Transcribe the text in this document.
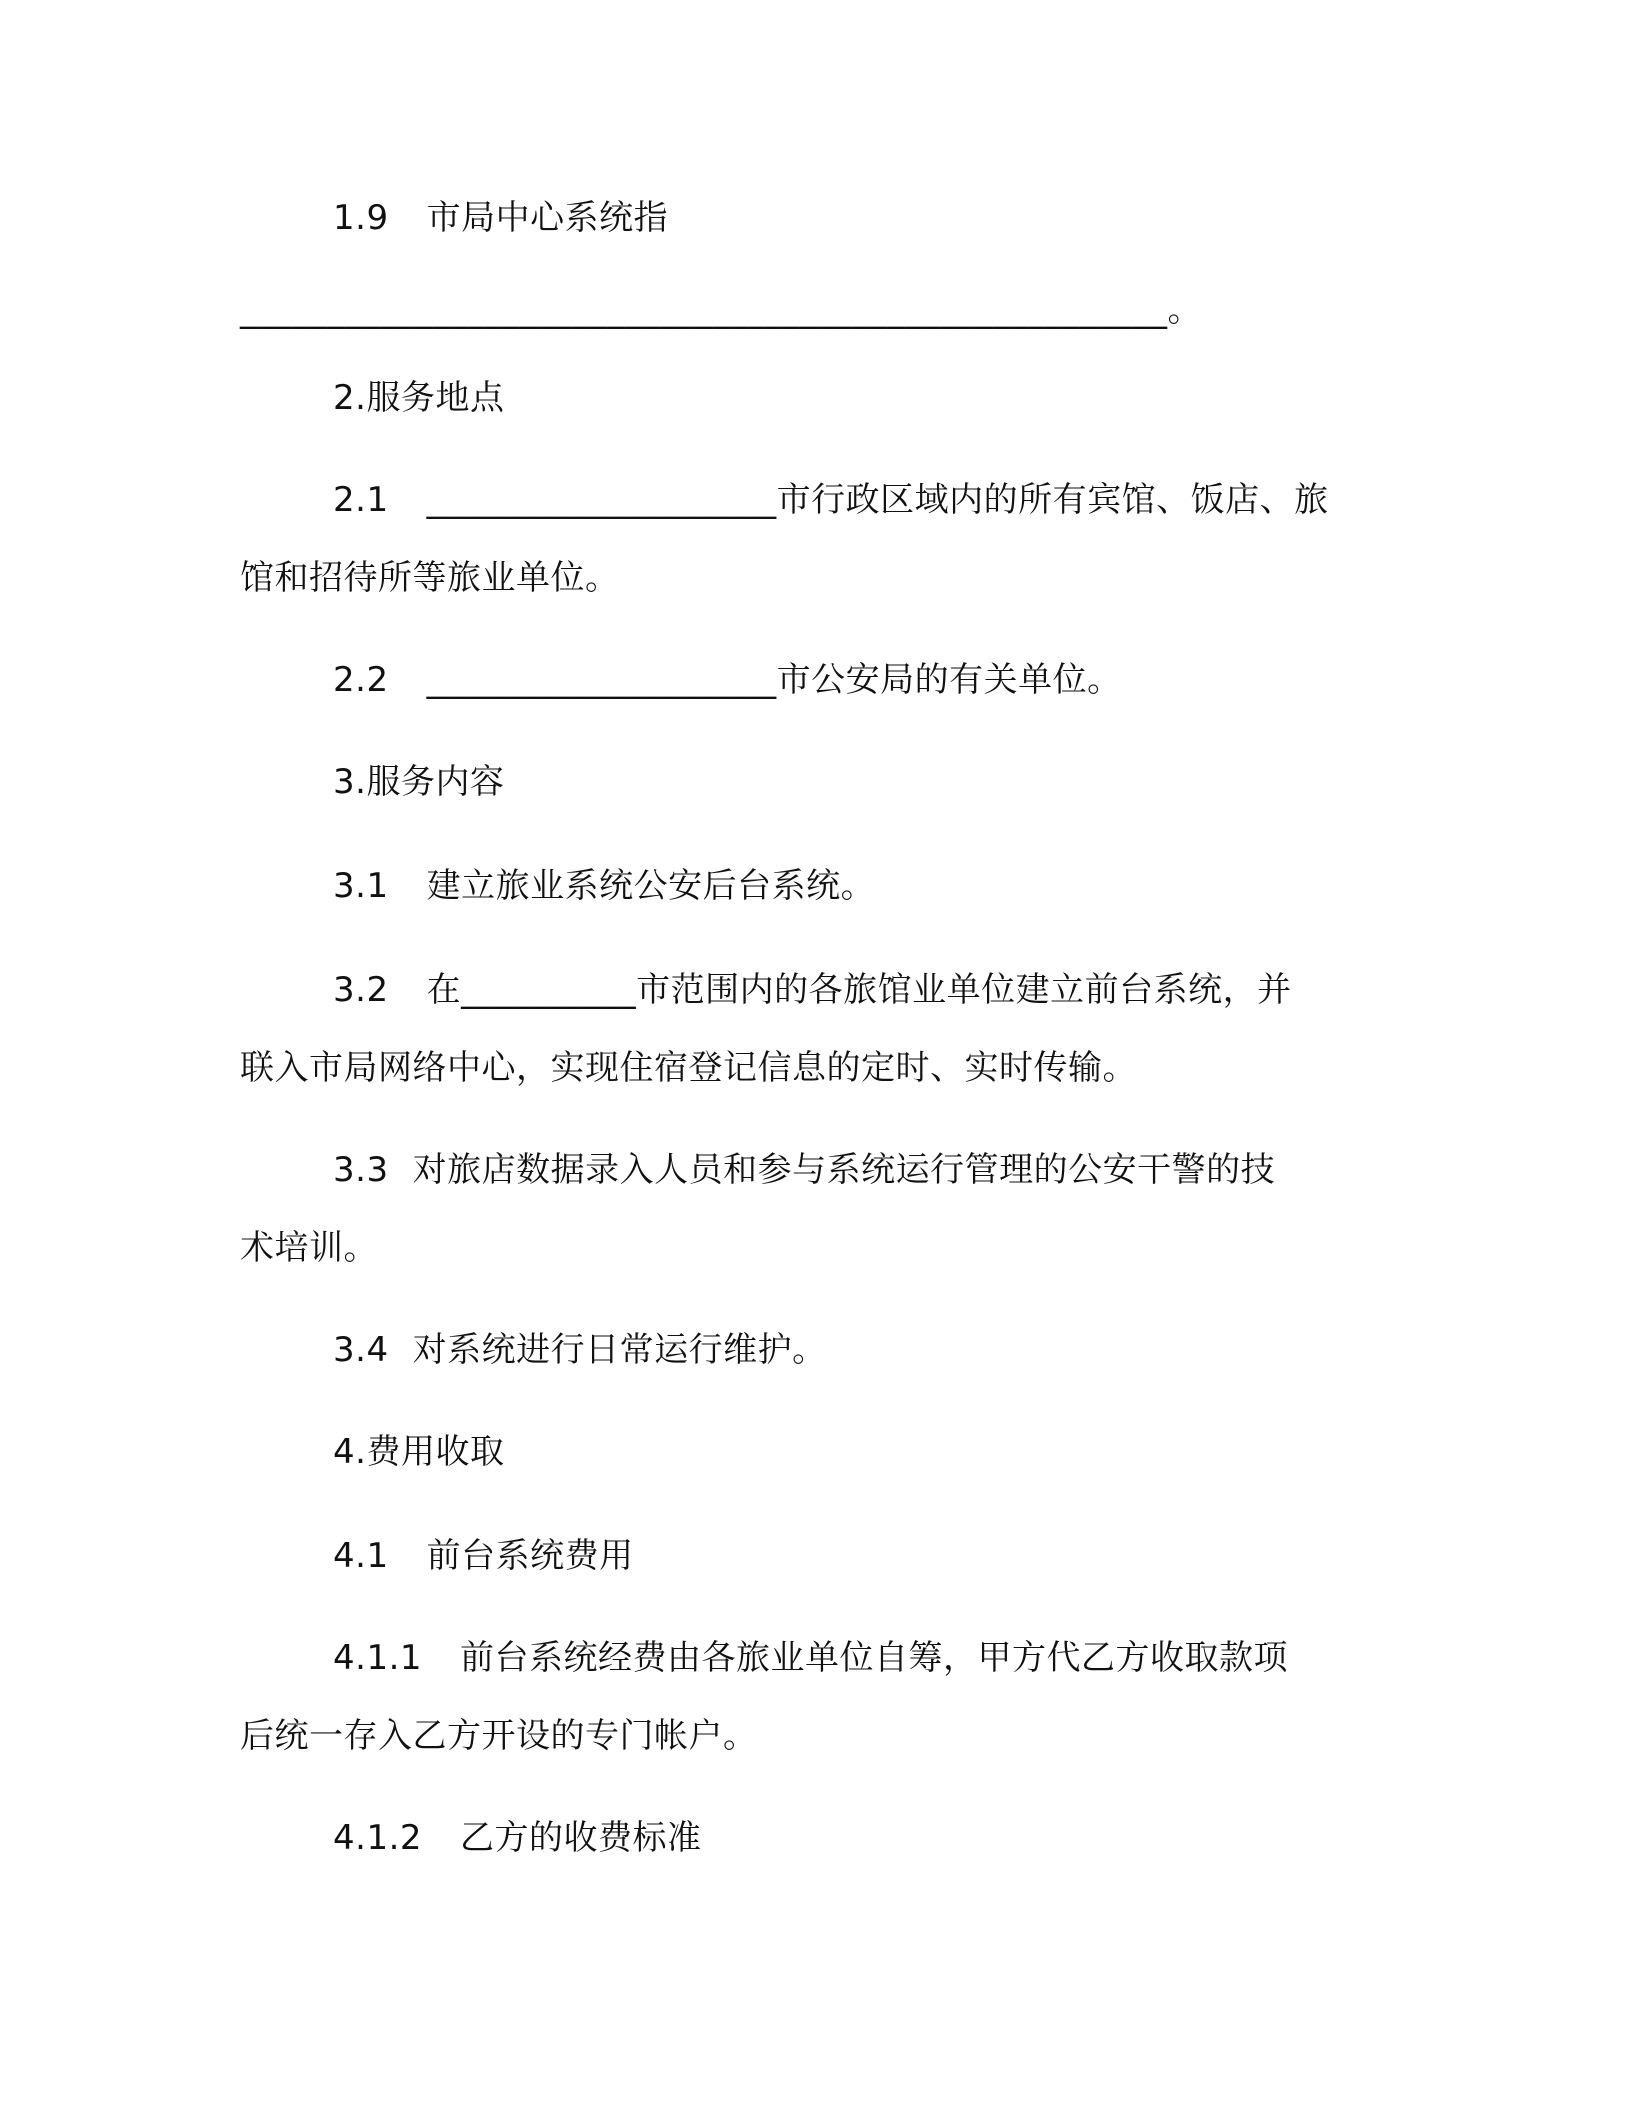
1.9 市局中心系统指
_____________________________________________________。
2.服务地点
2.1 ____________________市行政区域内的所有宾馆、饭店、旅
馆和招待所等旅业单位。
2.2 ____________________市公安局的有关单位。
3.服务内容
3.1 建立旅业系统公安后台系统。
3.2 在__________市范围内的各旅馆业单位建立前台系统，并
联入市局网络中心，实现住宿登记信息的定时、实时传输。
3.3 对旅店数据录入人员和参与系统运行管理的公安干警的技
术培训。
3.4 对系统进行日常运行维护。
4.费用收取
4.1 前台系统费用
4.1.1 前台系统经费由各旅业单位自筹，甲方代乙方收取款项
后统一存入乙方开设的专门帐户。
4.1.2 乙方的收费标准
